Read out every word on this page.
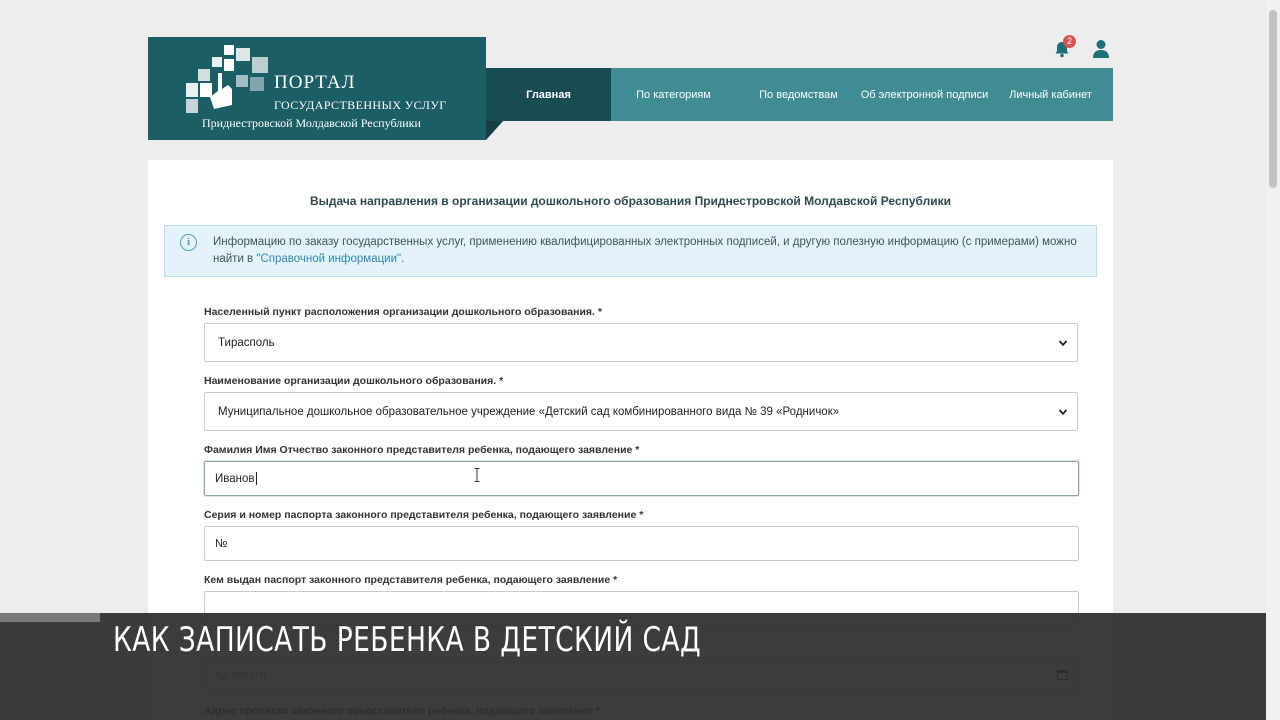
2
ПОРТАЛ
ГОСУДАРСТВЕННЫХ УСЛУГ
Приднестровской Молдавской Республики
Главная	По категориям	По ведомствам	Об электронной подписи	Личный кабинет
Выдача направления в организации дошкольного образования Приднестровской Молдавской Республики
i	Информацию по заказу государственных услуг, применению квалифицированных электронных подписей, и другую полезную информацию (с примерами) можно найти в "Справочной информации".
Населенный пункт расположения организации дошкольного образования. *
Тирасполь
Наименование организации дошкольного образования. *
Муниципальное дошкольное образовательное учреждение «Детский сад комбинированного вида № 39 «Родничок»
Фамилия Имя Отчество законного представителя ребенка, подающего заявление *
Иванов
Серия и номер паспорта законного представителя ребенка, подающего заявление *
№
Кем выдан паспорт законного представителя ребенка, подающего заявление *
КАК ЗАПИСАТЬ РЕБЕНКА В ДЕТСКИЙ САД
